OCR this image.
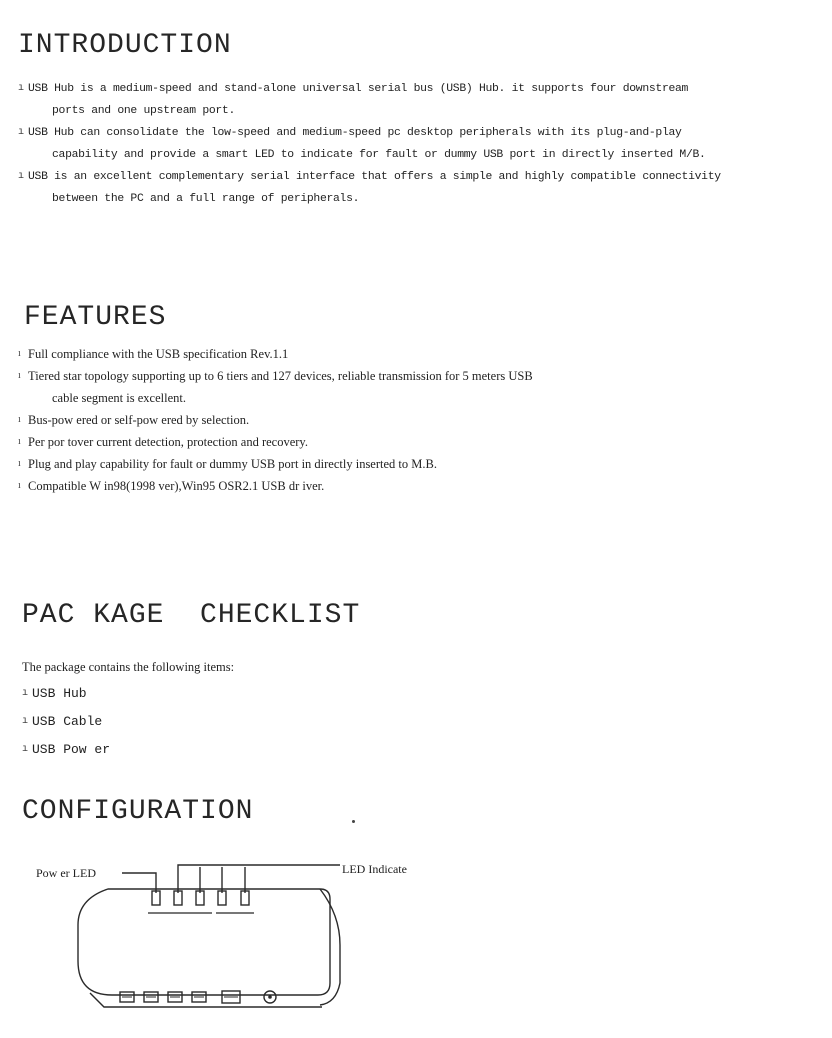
INTRODUCTION
ı USB Hub is a medium-speed and stand-alone universal serial bus (USB) Hub. it supports four downstream
ports and one upstream port.
ı USB Hub can consolidate the low-speed and medium-speed pc desktop peripherals with its plug-and-play
capability and provide a smart LED to indicate for fault or dummy USB port in directly inserted M/B.
ı USB is an excellent complementary serial interface that offers a simple and highly compatible connectivity
between the PC and a full range of peripherals.
FEATURES
ı Full compliance with the USB specification Rev.1.1
ı Tiered star topology supporting up to 6 tiers and 127 devices, reliable transmission for 5 meters USB
cable segment is excellent.
ı Bus-pow ered or self-pow ered by selection.
ı Per por tover current detection, protection and recovery.
ı Plug and play capability for fault or dummy USB port in directly inserted to M.B.
ı Compatible W in98(1998 ver),Win95 OSR2.1 USB dr iver.
PAC KAGE  CHECKLIST

The package contains the following items:

ı USB Hub
ı USB Cable
ı USB Pow er
CONFIGURATION
Pow er LED	LED Indicate
